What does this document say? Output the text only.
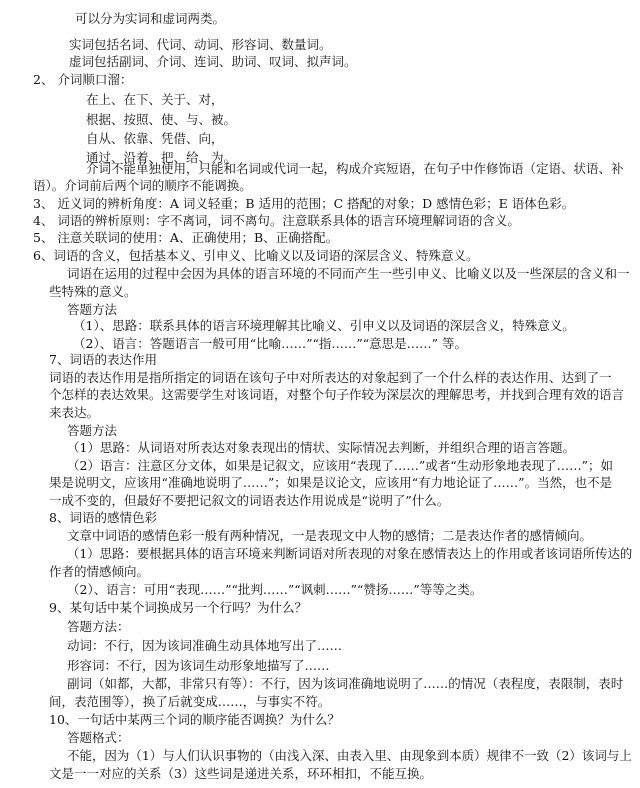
可以分为实词和虚词两类。
实词包括名词、代词、动词、形容词、数量词。
虚词包括副词、介词、连词、助词、叹词、拟声词。
2、 介词顺口溜：
在上、在下、关于、对，
根据、按照、使、与、被。
自从、依靠、凭借、向，
通过、沿着、把、给、为。
介词不能单独使用，只能和名词或代词一起，构成介宾短语，在句子中作修饰语（定语、状语、补
语）。介词前后两个词的顺序不能调换。
3、 近义词的辨析角度：A 词义轻重；B 适用的范围；C 搭配的对象；D 感情色彩；E 语体色彩。
4、 词语的辨析原则：字不离词，词不离句。注意联系具体的语言环境理解词语的含义。
5、 注意关联词的使用：A、正确使用；B、正确搭配。
6、词语的含义，包括基本义、引申义、比喻义以及词语的深层含义、特殊意义。
词语在运用的过程中会因为具体的语言环境的不同而产生一些引申义、比喻义以及一些深层的含义和一
些特殊的意义。
答题方法
（1）、思路：联系具体的语言环境理解其比喻义、引申义以及词语的深层含义，特殊意义。
（2）、语言：答题语言一般可用“比喻……”“指……”“意思是……” 等。
7、词语的表达作用
词语的表达作用是指所指定的词语在该句子中对所表达的对象起到了一个什么样的表达作用、达到了一
个怎样的表达效果。这需要学生对该词语，对整个句子作较为深层次的理解思考，并找到合理有效的语言
来表达。
答题方法
（1）思路：从词语对所表达对象表现出的情状、实际情况去判断，并组织合理的语言答题。
（2）语言：注意区分文体，如果是记叙文，应该用“表现了……”或者“生动形象地表现了……”；如
果是说明文，应该用“准确地说明了……”；如果是议论文，应该用“有力地论证了……”。当然，也不是
一成不变的，但最好不要把记叙文的词语表达作用说成是“说明了”什么。
8、词语的感情色彩
文章中词语的感情色彩一般有两种情况，一是表现文中人物的感情；二是表达作者的感情倾向。
（1）思路：要根据具体的语言环境来判断词语对所表现的对象在感情表达上的作用或者该词语所传达的
作者的情感倾向。
（2）、语言：可用“表现……”“批判……”“讽刺……”“赞扬……”等等之类。
9、某句话中某个词换成另一个行吗？为什么？
答题方法：
动词：不行，因为该词准确生动具体地写出了……
形容词：不行，因为该词生动形象地描写了……
副词（如都，大都，非常只有等）：不行，因为该词准确地说明了……的情况（表程度，表限制，表时
间，表范围等），换了后就变成……，与事实不符。
10、一句话中某两三个词的顺序能否调换？为什么？
答题格式：
不能，因为（1）与人们认识事物的（由浅入深、由表入里、由现象到本质）规律不一致（2）该词与上
文是一一对应的关系（3）这些词是递进关系，环环相扣，不能互换。
